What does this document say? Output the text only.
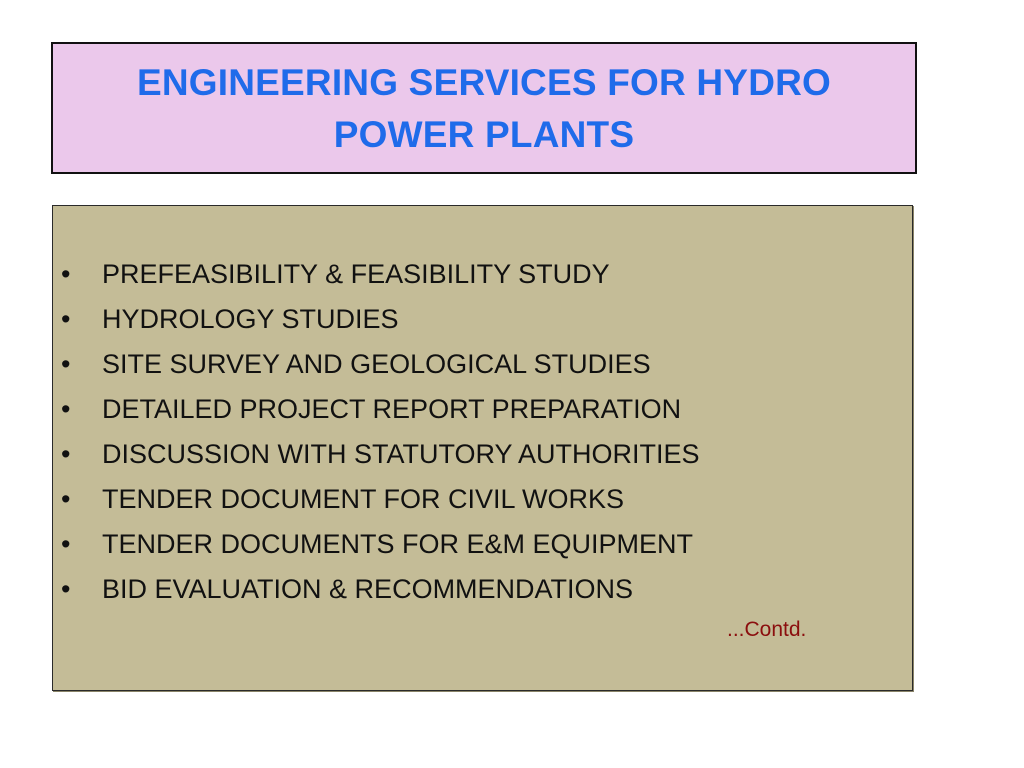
ENGINEERING SERVICES FOR HYDRO
POWER PLANTS
• PREFEASIBILITY & FEASIBILITY STUDY
• HYDROLOGY STUDIES
• SITE SURVEY AND GEOLOGICAL STUDIES
• DETAILED PROJECT REPORT PREPARATION
• DISCUSSION WITH STATUTORY AUTHORITIES
• TENDER DOCUMENT FOR CIVIL WORKS
• TENDER DOCUMENTS FOR E&M EQUIPMENT
• BID EVALUATION & RECOMMENDATIONS
...Contd.
